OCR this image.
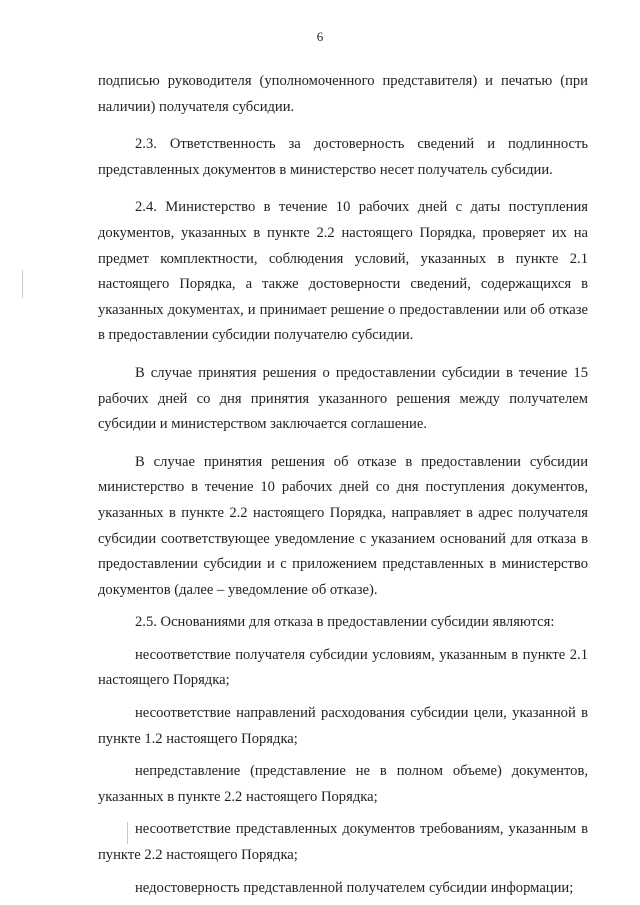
6

подписью руководителя (уполномоченного представителя) и печатью (при наличии) получателя субсидии.

2.3. Ответственность за достоверность сведений и подлинность представленных документов в министерство несет получатель субсидии.

2.4. Министерство в течение 10 рабочих дней с даты поступления документов, указанных в пункте 2.2 настоящего Порядка, проверяет их на предмет комплектности, соблюдения условий, указанных в пункте 2.1 настоящего Порядка, а также достоверности сведений, содержащихся в указанных документах, и принимает решение о предоставлении или об отказе в предоставлении субсидии получателю субсидии.

В случае принятия решения о предоставлении субсидии в течение 15 рабочих дней со дня принятия указанного решения между получателем субсидии и министерством заключается соглашение.

В случае принятия решения об отказе в предоставлении субсидии министерство в течение 10 рабочих дней со дня поступления документов, указанных в пункте 2.2 настоящего Порядка, направляет в адрес получателя субсидии соответствующее уведомление с указанием оснований для отказа в предоставлении субсидии и с приложением представленных в министерство документов (далее – уведомление об отказе).

2.5. Основаниями для отказа в предоставлении субсидии являются:

несоответствие получателя субсидии условиям, указанным в пункте 2.1 настоящего Порядка;

несоответствие направлений расходования субсидии цели, указанной в пункте 1.2 настоящего Порядка;

непредставление (представление не в полном объеме) документов, указанных в пункте 2.2 настоящего Порядка;

несоответствие представленных документов требованиям, указанным в пункте 2.2 настоящего Порядка;

недостоверность представленной получателем субсидии информации;
